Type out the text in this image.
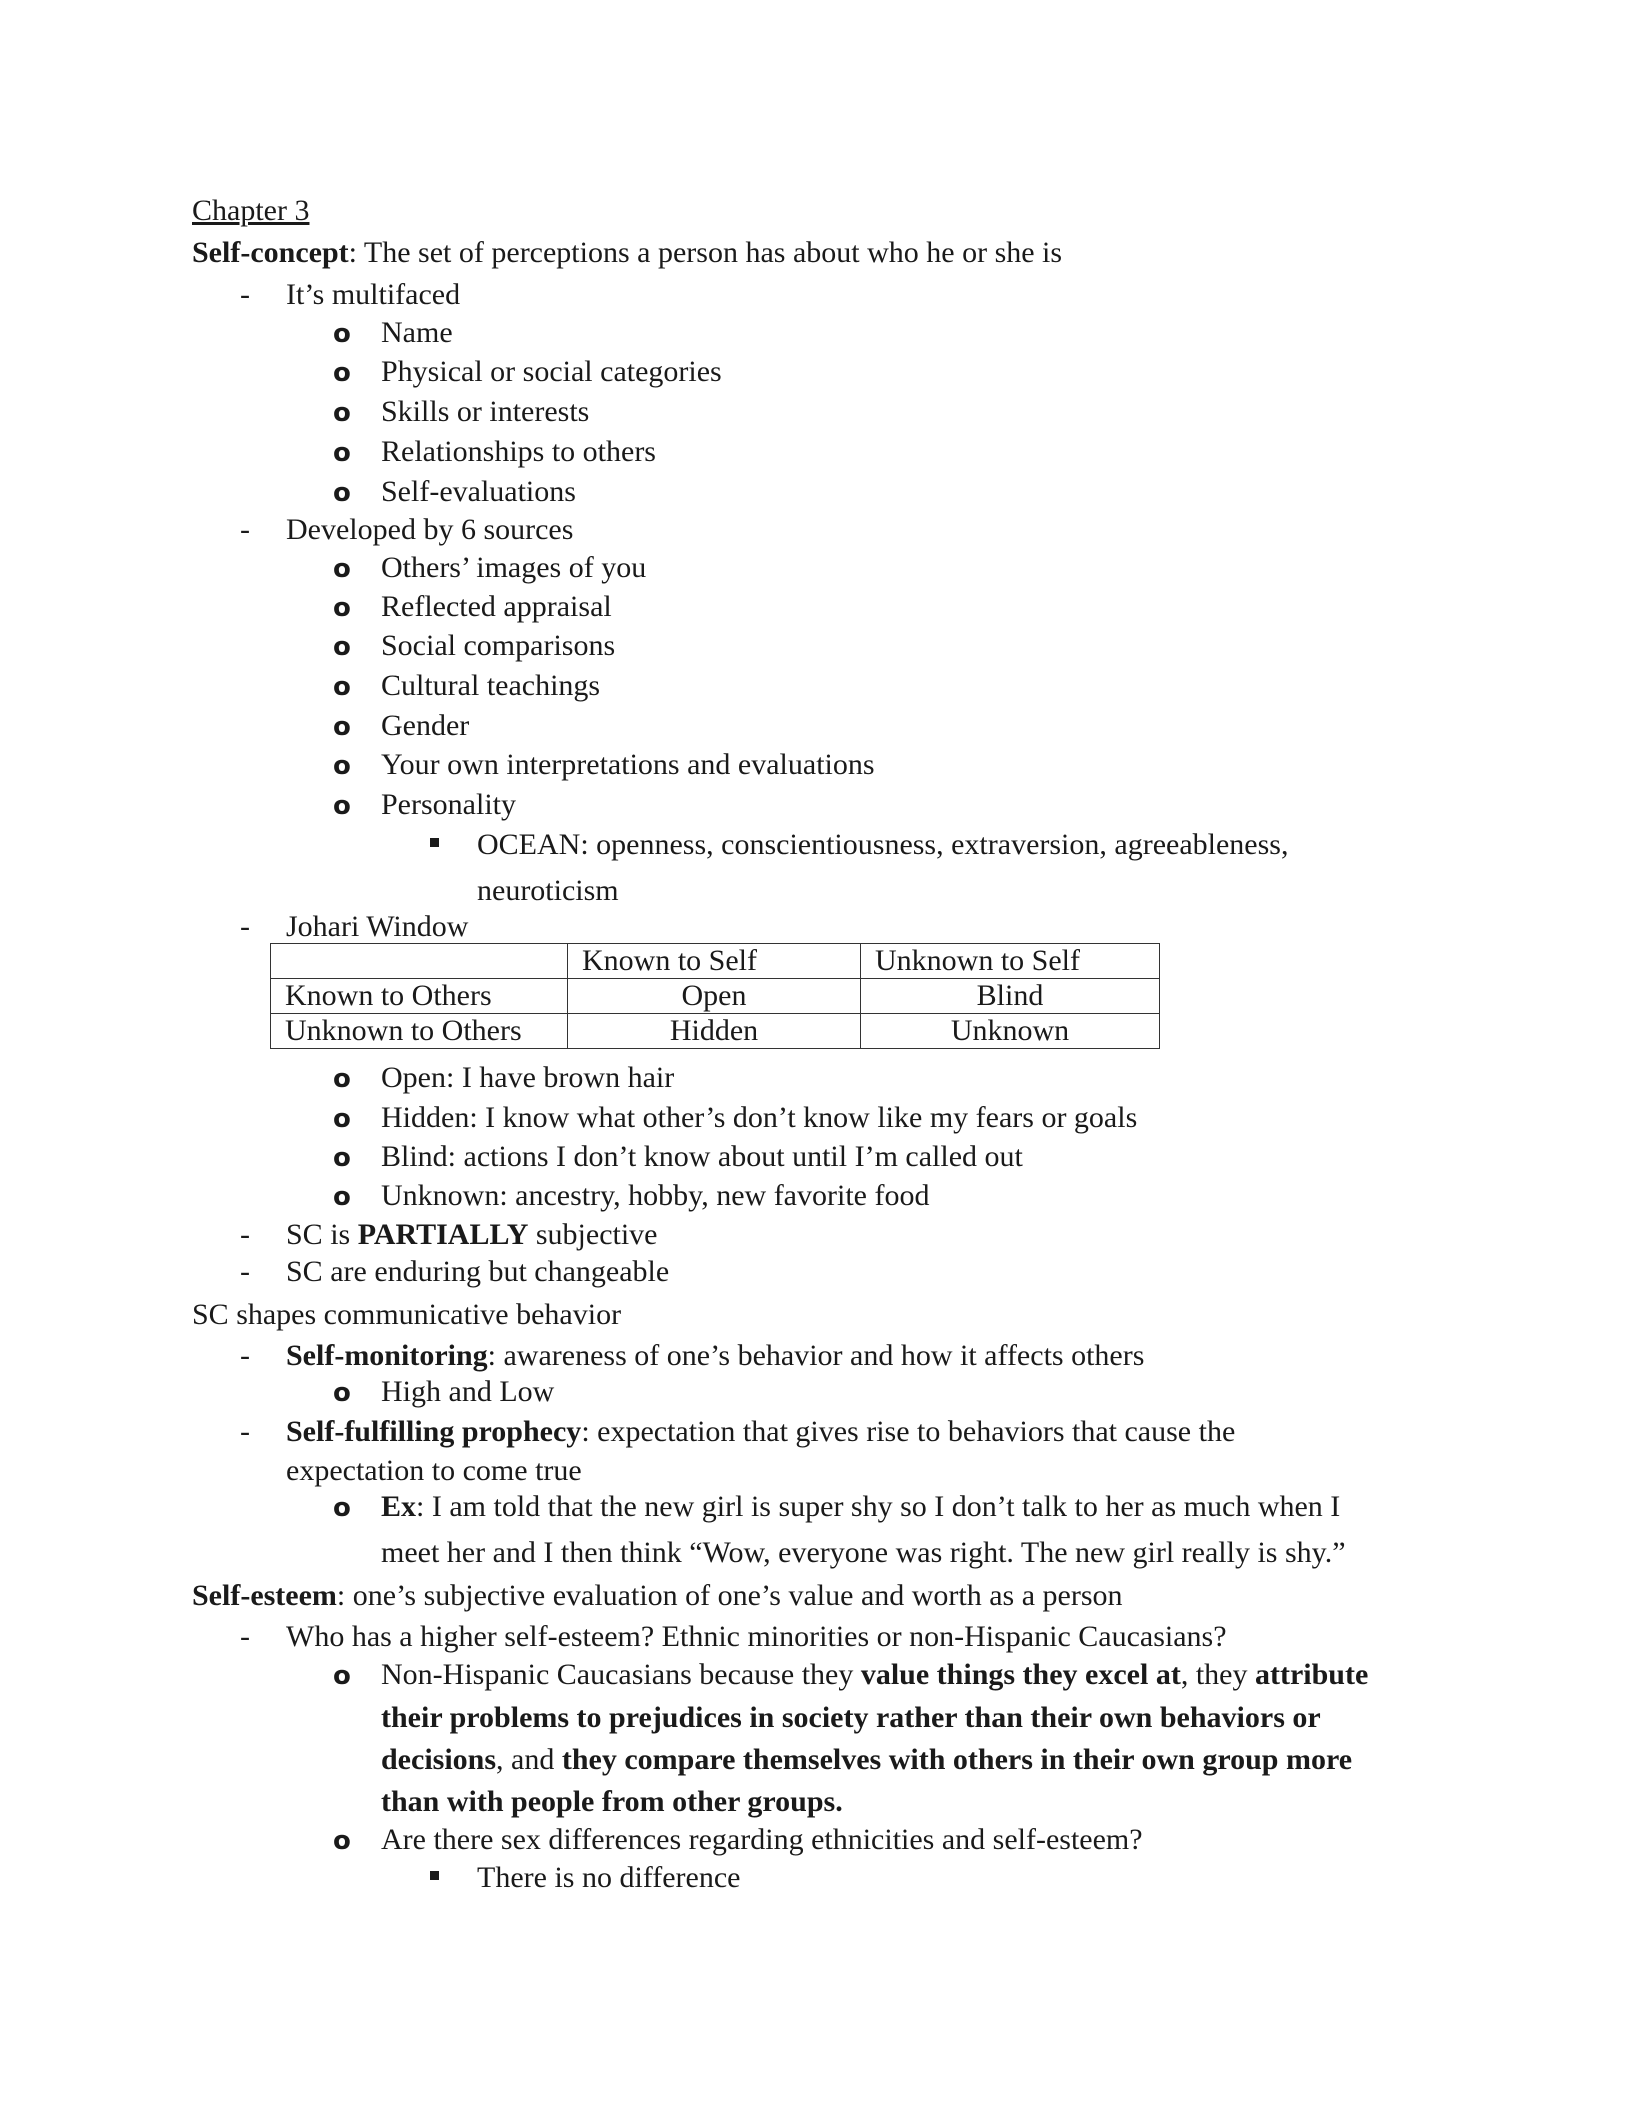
Chapter 3
Self-concept: The set of perceptions a person has about who he or she is
- It’s multifaced
o Name
o Physical or social categories
o Skills or interests
o Relationships to others
o Self-evaluations
- Developed by 6 sources
o Others’ images of you
o Reflected appraisal
o Social comparisons
o Cultural teachings
o Gender
o Your own interpretations and evaluations
o Personality
OCEAN: openness, conscientiousness, extraversion, agreeableness,
neuroticism
- Johari Window
	Known to Self	Unknown to Self
Known to Others	Open	Blind
Unknown to Others	Hidden	Unknown
o Open: I have brown hair
o Hidden: I know what other’s don’t know like my fears or goals
o Blind: actions I don’t know about until I’m called out
o Unknown: ancestry, hobby, new favorite food
- SC is PARTIALLY subjective
- SC are enduring but changeable
SC shapes communicative behavior
- Self-monitoring: awareness of one’s behavior and how it affects others
o High and Low
- Self-fulfilling prophecy: expectation that gives rise to behaviors that cause the
expectation to come true
o Ex: I am told that the new girl is super shy so I don’t talk to her as much when I
meet her and I then think “Wow, everyone was right. The new girl really is shy.”
Self-esteem: one’s subjective evaluation of one’s value and worth as a person
- Who has a higher self-esteem? Ethnic minorities or non-Hispanic Caucasians?
o Non-Hispanic Caucasians because they value things they excel at, they attribute
their problems to prejudices in society rather than their own behaviors or
decisions, and they compare themselves with others in their own group more
than with people from other groups.
o Are there sex differences regarding ethnicities and self-esteem?
There is no difference
